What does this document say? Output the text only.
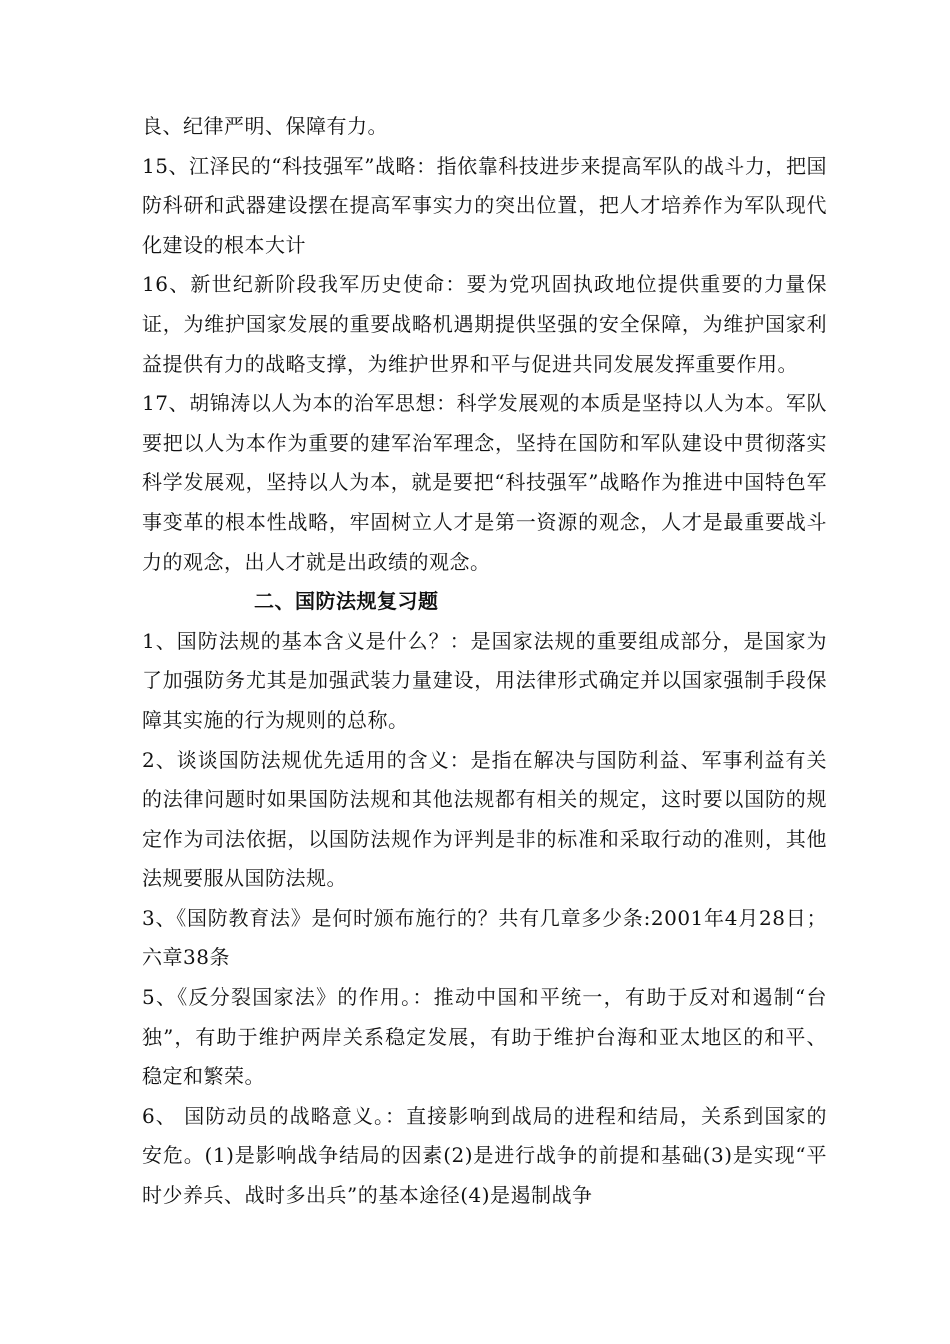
良、纪律严明、保障有力。

15、江泽民的“科技强军”战略：指依靠科技进步来提高军队的战斗力，把国防科研和武器建设摆在提高军事实力的突出位置，把人才培养作为军队现代化建设的根本大计

16、新世纪新阶段我军历史使命：要为党巩固执政地位提供重要的力量保证，为维护国家发展的重要战略机遇期提供坚强的安全保障，为维护国家利益提供有力的战略支撑，为维护世界和平与促进共同发展发挥重要作用。

17、胡锦涛以人为本的治军思想：科学发展观的本质是坚持以人为本。军队要把以人为本作为重要的建军治军理念，坚持在国防和军队建设中贯彻落实科学发展观，坚持以人为本，就是要把“科技强军”战略作为推进中国特色军事变革的根本性战略，牢固树立人才是第一资源的观念，人才是最重要战斗力的观念，出人才就是出政绩的观念。

二、国防法规复习题

1、国防法规的基本含义是什么？：是国家法规的重要组成部分，是国家为了加强防务尤其是加强武装力量建设，用法律形式确定并以国家强制手段保障其实施的行为规则的总称。

2、谈谈国防法规优先适用的含义：是指在解决与国防利益、军事利益有关的法律问题时如果国防法规和其他法规都有相关的规定，这时要以国防的规定作为司法依据，以国防法规作为评判是非的标准和采取行动的准则，其他法规要服从国防法规。

3、《国防教育法》是何时颁布施行的？共有几章多少条:2001年4月28日；六章38条

5、《反分裂国家法》的作用。：推动中国和平统一，有助于反对和遏制“台独”，有助于维护两岸关系稳定发展，有助于维护台海和亚太地区的和平、稳定和繁荣。

6、 国防动员的战略意义。：直接影响到战局的进程和结局，关系到国家的安危。(1)是影响战争结局的因素(2)是进行战争的前提和基础(3)是实现“平时少养兵、战时多出兵”的基本途径(4)是遏制战争
